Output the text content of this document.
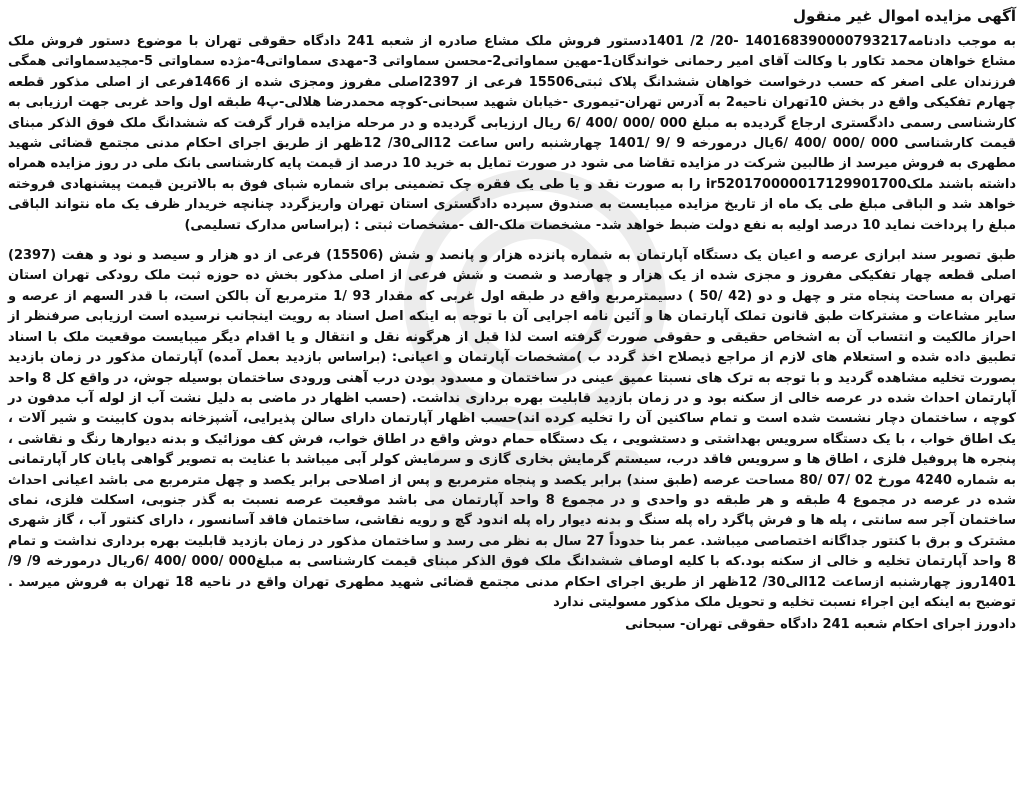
آگهی مزایده اموال غیر منقول

به موجب دادنامه140168390000793217 -20/ 2/ 1401دستور فروش ملک مشاع صادره از شعبه 241 دادگاه حقوقی تهران با موضوع دستور فروش ملک مشاع خواهان محمد تکاور با وکالت آقای امیر رحمانی خواندگان1-مهین سماواتی2-محسن سماواتی 3-مهدی سماواتی4-مژده سماواتی 5-مجیدسماواتی همگی فرزندان علی اصغر که حسب درخواست خواهان ششدانگ پلاک ثبتی15506 فرعی از 2397اصلی مفروز ومجزی شده از 1466فرعی از اصلی مذکور قطعه چهارم تفکیکی واقع در بخش 10تهران ناحیه2 به آدرس تهران-تیموری -خیابان شهید سبحانی-کوچه محمدرضا هلالی-پ4 طبقه اول واحد غربی جهت ارزیابی به کارشناسی رسمی دادگستری ارجاع گردیده به مبلغ 000 /000 /400 /6 ریال ارزیابی گردیده و در مرحله مزایده قرار گرفت که ششدانگ ملک فوق الذکر مبنای قیمت کارشناسی 000 /000 /400 /6یال درمورخه 9 /9 /1401 چهارشنبه راس ساعت 12الی30/ 12ظهر از طریق اجرای احکام مدنی مجتمع قضائی شهید مطهری به فروش میرسد از طالبین شرکت در مزایده تقاضا می شود در صورت تمایل به خرید 10 درصد از قیمت پایه کارشناسی بانک ملی در روز مزایده همراه داشته باشند ملکir520170000017129901700 را به صورت نقد و یا طی یک فقره چک تضمینی برای شماره شبای فوق به بالاترین قیمت پیشنهادی فروخته خواهد شد و الباقی مبلغ طی یک ماه از تاریخ مزایده میبایست به صندوق سپرده دادگستری استان تهران واریزگردد چنانچه خریدار ظرف یک ماه نتواند الباقی مبلغ را پرداخت نماید 10 درصد اولیه به نفع دولت ضبط خواهد شد- مشخصات ملک-الف -مشخصات ثبتی : (براساس مدارک تسلیمی)

طبق تصویر سند ابرازی عرصه و اعیان یک دستگاه آپارتمان به شماره پانزده هزار و پانصد و شش (15506) فرعی از دو هزار و سیصد و نود و هفت (2397) اصلی قطعه چهار تفکیکی مفروز و مجزی شده از یک هزار و چهارصد و شصت و شش فرعی از اصلی مذکور بخش ده حوزه ثبت ملک رودکی تهران استان تهران به مساحت پنجاه متر و چهل و دو (42 /50 ) دسیمترمربع واقع در طبقه اول غربی که مقدار 93 /1 مترمربع آن بالکن است، با قدر السهم از عرصه و سایر مشاعات و مشترکات طبق قانون تملک آپارتمان ها و آئین نامه اجرایی آن با توجه به اینکه اصل اسناد به رویت اینجانب نرسیده است ارزیابی صرفنظر از احراز مالکیت و انتساب آن به اشخاص حقیقی و حقوقی صورت گرفته است لذا قبل از هرگونه نقل و انتقال و یا اقدام دیگر میبایست موقعیت ملک با اسناد تطبیق داده شده و استعلام های لازم از مراجع ذیصلاح اخذ گردد ب )مشخصات آپارتمان و اعیانی: (براساس بازدید بعمل آمده) آپارتمان مذکور در زمان بازدید بصورت تخلیه مشاهده گردید و با توجه به ترک های نسبتا عمیق عینی در ساختمان و مسدود بودن درب آهنی ورودی ساختمان بوسیله جوش، در واقع کل 8 واحد آپارتمان احداث شده در عرصه خالی از سکنه بود و در زمان بازدید قابلیت بهره برداری نداشت. (حسب اظهار در ماضی به دلیل نشت آب از لوله آب مدفون در کوچه ، ساختمان دچار نشست شده است و تمام ساکنین آن را تخلیه کرده اند)حسب اظهار آپارتمان دارای سالن پذیرایی، آشپزخانه بدون کابینت و شیر آلات ، یک اطاق خواب ، با یک دستگاه سرویس بهداشتی و دستشویی ، یک دستگاه حمام دوش واقع در اطاق خواب، فرش کف موزائیک و بدنه دیوارها رنگ و نقاشی ، پنجره ها پروفیل فلزی ، اطاق ها و سرویس فاقد درب، سیستم گرمایش بخاری گازی و سرمایش کولر آبی میباشد با عنایت به تصویر گواهی پایان کار آپارتمانی به شماره 4240 مورخ 02 /07 /80 مساحت عرصه (طبق سند) برابر یکصد و پنجاه مترمربع و پس از اصلاحی برابر یکصد و چهل مترمربع می باشد اعیانی احداث شده در عرصه در مجموع 4 طبقه و هر طبقه دو واحدی و در مجموع 8 واحد آپارتمان می باشد موقعیت عرصه نسبت به گذر جنوبی، اسکلت فلزی، نمای ساختمان آجر سه سانتی ، پله ها و فرش پاگرد راه پله سنگ و بدنه دیوار راه پله اندود گچ و رویه نقاشی، ساختمان فاقد آسانسور ، دارای کنتور آب ، گاز شهری مشترک و برق با کنتور جداگانه اختصاصی میباشد. عمر بنا حدوداً 27 سال به نظر می رسد و ساختمان مذکور در زمان بازدید قابلیت بهره برداری نداشت و تمام 8 واحد آپارتمان تخلیه و خالی از سکنه بود.که با کلیه اوصاف ششدانگ ملک فوق الذکر مبنای قیمت کارشناسی به مبلغ000 /000 /400 /6ریال درمورخه 9/ 9/ 1401روز چهارشنبه ازساعت 12الی30/ 12ظهر از طریق اجرای احکام مدنی مجتمع قضائی شهید مطهری تهران واقع در ناحیه 18 تهران به فروش میرسد . توضیح به اینکه این اجراء نسبت تخلیه و تحویل ملک مذکور مسولیتی ندارد

دادورز اجرای احکام شعبه 241 دادگاه حقوقی تهران- سبحانی
